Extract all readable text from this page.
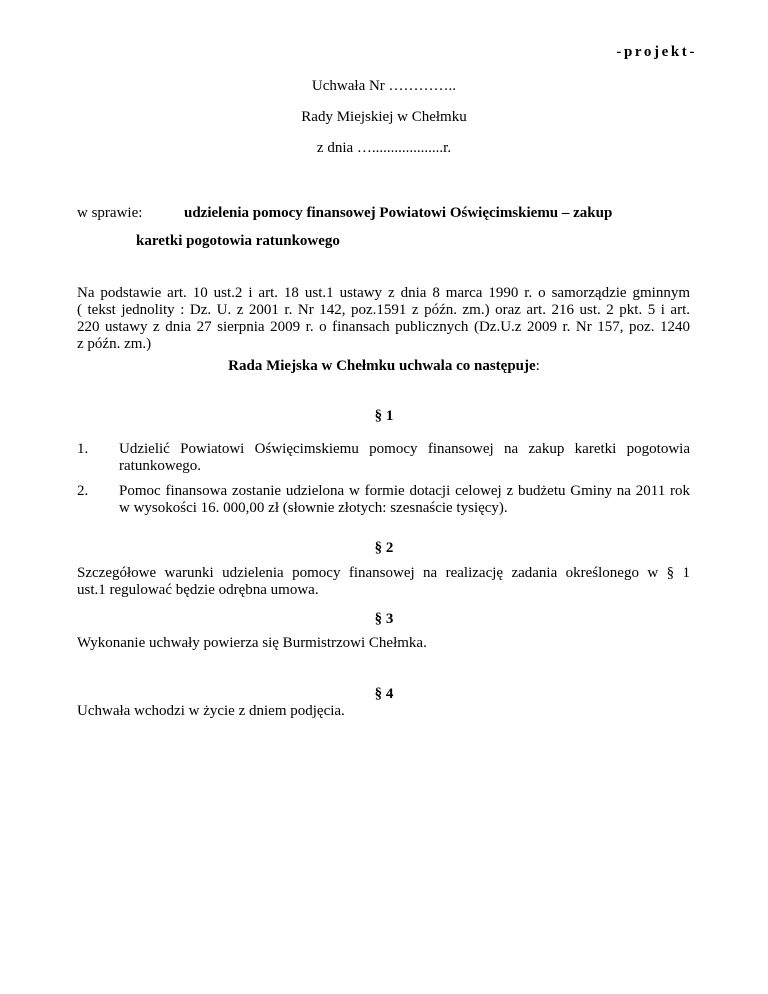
-projekt-
Uchwała Nr …………..
Rady Miejskiej w Chełmku
z dnia …...................r.
w sprawie:	udzielenia pomocy finansowej Powiatowi Oświęcimskiemu – zakup
karetki pogotowia ratunkowego
Na podstawie art. 10 ust.2 i art. 18 ust.1 ustawy z dnia 8 marca 1990 r. o samorządzie gminnym
( tekst jednolity : Dz. U. z 2001 r. Nr 142, poz.1591 z późn. zm.) oraz art. 216 ust. 2 pkt. 5 i art.
220 ustawy z dnia 27 sierpnia 2009 r. o finansach publicznych (Dz.U.z 2009 r. Nr 157, poz. 1240
z późn. zm.)
Rada Miejska w Chełmku uchwala co następuje:
§ 1
1. Udzielić Powiatowi Oświęcimskiemu pomocy finansowej na zakup karetki pogotowia
ratunkowego.
2. Pomoc finansowa zostanie udzielona w formie dotacji celowej z budżetu Gminy na 2011 rok
w wysokości 16. 000,00 zł (słownie złotych: szesnaście tysięcy).
§ 2
Szczegółowe warunki udzielenia pomocy finansowej na realizację zadania określonego w § 1
ust.1 regulować będzie odrębna umowa.
§ 3
Wykonanie uchwały powierza się Burmistrzowi Chełmka.
§ 4
Uchwała wchodzi w życie z dniem podjęcia.
